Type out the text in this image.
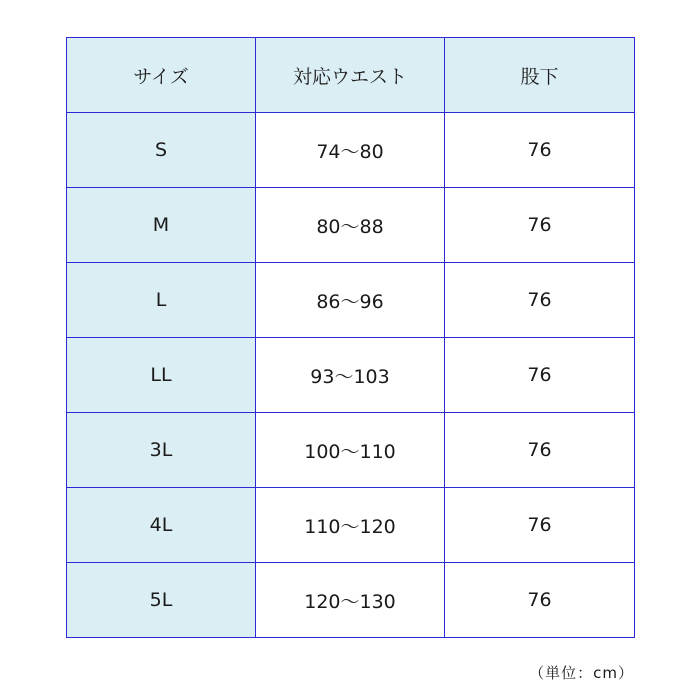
サイズ	対応ウエスト	股下
S	74〜80	76
M	80〜88	76
L	86〜96	76
LL	93〜103	76
3L	100〜110	76
4L	110〜120	76
5L	120〜130	76
（単位：cm）
